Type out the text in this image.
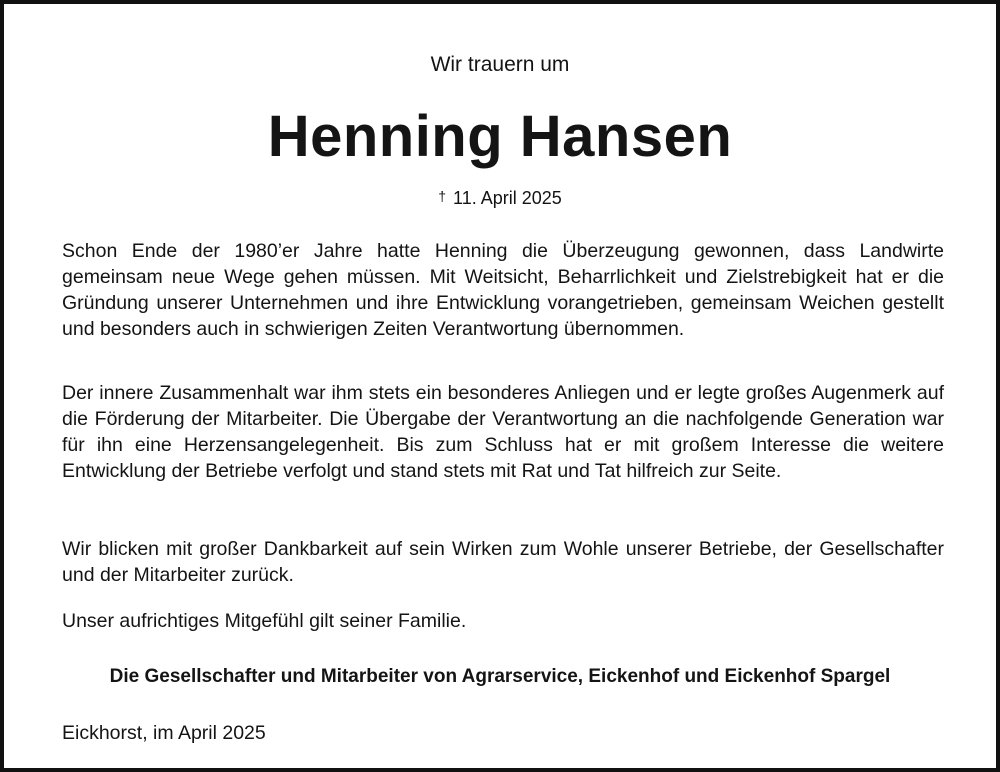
Wir trauern um
Henning Hansen
† 11. April 2025

Schon Ende der 1980’er Jahre hatte Henning die Überzeugung gewonnen, dass Landwirte gemeinsam neue Wege gehen müssen. Mit Weitsicht, Beharrlichkeit und Zielstrebigkeit hat er die Gründung unserer Unternehmen und ihre Entwicklung vorangetrieben, gemeinsam Weichen gestellt und besonders auch in schwierigen Zeiten Verantwortung übernommen.

Der innere Zusammenhalt war ihm stets ein besonderes Anliegen und er legte großes Augenmerk auf die Förderung der Mitarbeiter. Die Übergabe der Verantwortung an die nachfolgende Generation war für ihn eine Herzensangelegenheit. Bis zum Schluss hat er mit großem Interesse die weitere Entwicklung der Betriebe verfolgt und stand stets mit Rat und Tat hilfreich zur Seite.

Wir blicken mit großer Dankbarkeit auf sein Wirken zum Wohle unserer Betriebe, der Gesellschafter und der Mitarbeiter zurück.

Unser aufrichtiges Mitgefühl gilt seiner Familie.

Die Gesellschafter und Mitarbeiter von Agrarservice, Eickenhof und Eickenhof Spargel
Eickhorst, im April 2025
